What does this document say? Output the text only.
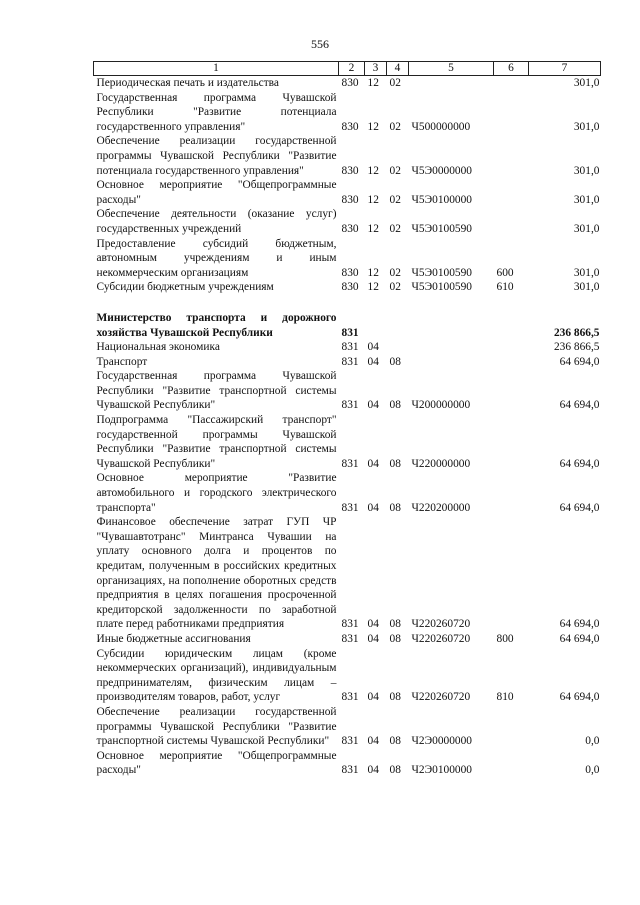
556
1	2	3	4	5	6	7
Периодическая печать и издательства	830	12	02			301,0
Государственная программа Чувашской Республики "Развитие потенциала государственного управления"	830	12	02	Ч500000000		301,0
Обеспечение реализации государственной программы Чувашской Республики "Развитие потенциала государственного управления"	830	12	02	Ч5Э0000000		301,0
Основное мероприятие "Общепрограммные расходы"	830	12	02	Ч5Э0100000		301,0
Обеспечение деятельности (оказание услуг) государственных учреждений	830	12	02	Ч5Э0100590		301,0
Предоставление субсидий бюджетным, автономным учреждениям и иным некоммерческим организациям	830	12	02	Ч5Э0100590	600	301,0
Субсидии бюджетным учреждениям	830	12	02	Ч5Э0100590	610	301,0

Министерство транспорта и дорожного хозяйства Чувашской Республики	831					236 866,5
Национальная экономика	831	04				236 866,5
Транспорт	831	04	08			64 694,0
Государственная программа Чувашской Республики "Развитие транспортной системы Чувашской Республики"	831	04	08	Ч200000000		64 694,0
Подпрограмма "Пассажирский транспорт" государственной программы Чувашской Республики "Развитие транспортной системы Чувашской Республики"	831	04	08	Ч220000000		64 694,0
Основное мероприятие "Развитие автомобильного и городского электрического транспорта"	831	04	08	Ч220200000		64 694,0
Финансовое обеспечение затрат ГУП ЧР "Чувашавтотранс" Минтранса Чувашии на уплату основного долга и процентов по кредитам, полученным в российских кредитных организациях, на пополнение оборотных средств предприятия в целях погашения просроченной кредиторской задолженности по заработной плате перед работниками предприятия	831	04	08	Ч220260720		64 694,0
Иные бюджетные ассигнования	831	04	08	Ч220260720	800	64 694,0
Субсидии юридическим лицам (кроме некоммерческих организаций), индивидуальным предпринимателям, физическим лицам – производителям товаров, работ, услуг	831	04	08	Ч220260720	810	64 694,0
Обеспечение реализации государственной программы Чувашской Республики "Развитие транспортной системы Чувашской Республики"	831	04	08	Ч2Э0000000		0,0
Основное мероприятие "Общепрограммные расходы"	831	04	08	Ч2Э0100000		0,0
